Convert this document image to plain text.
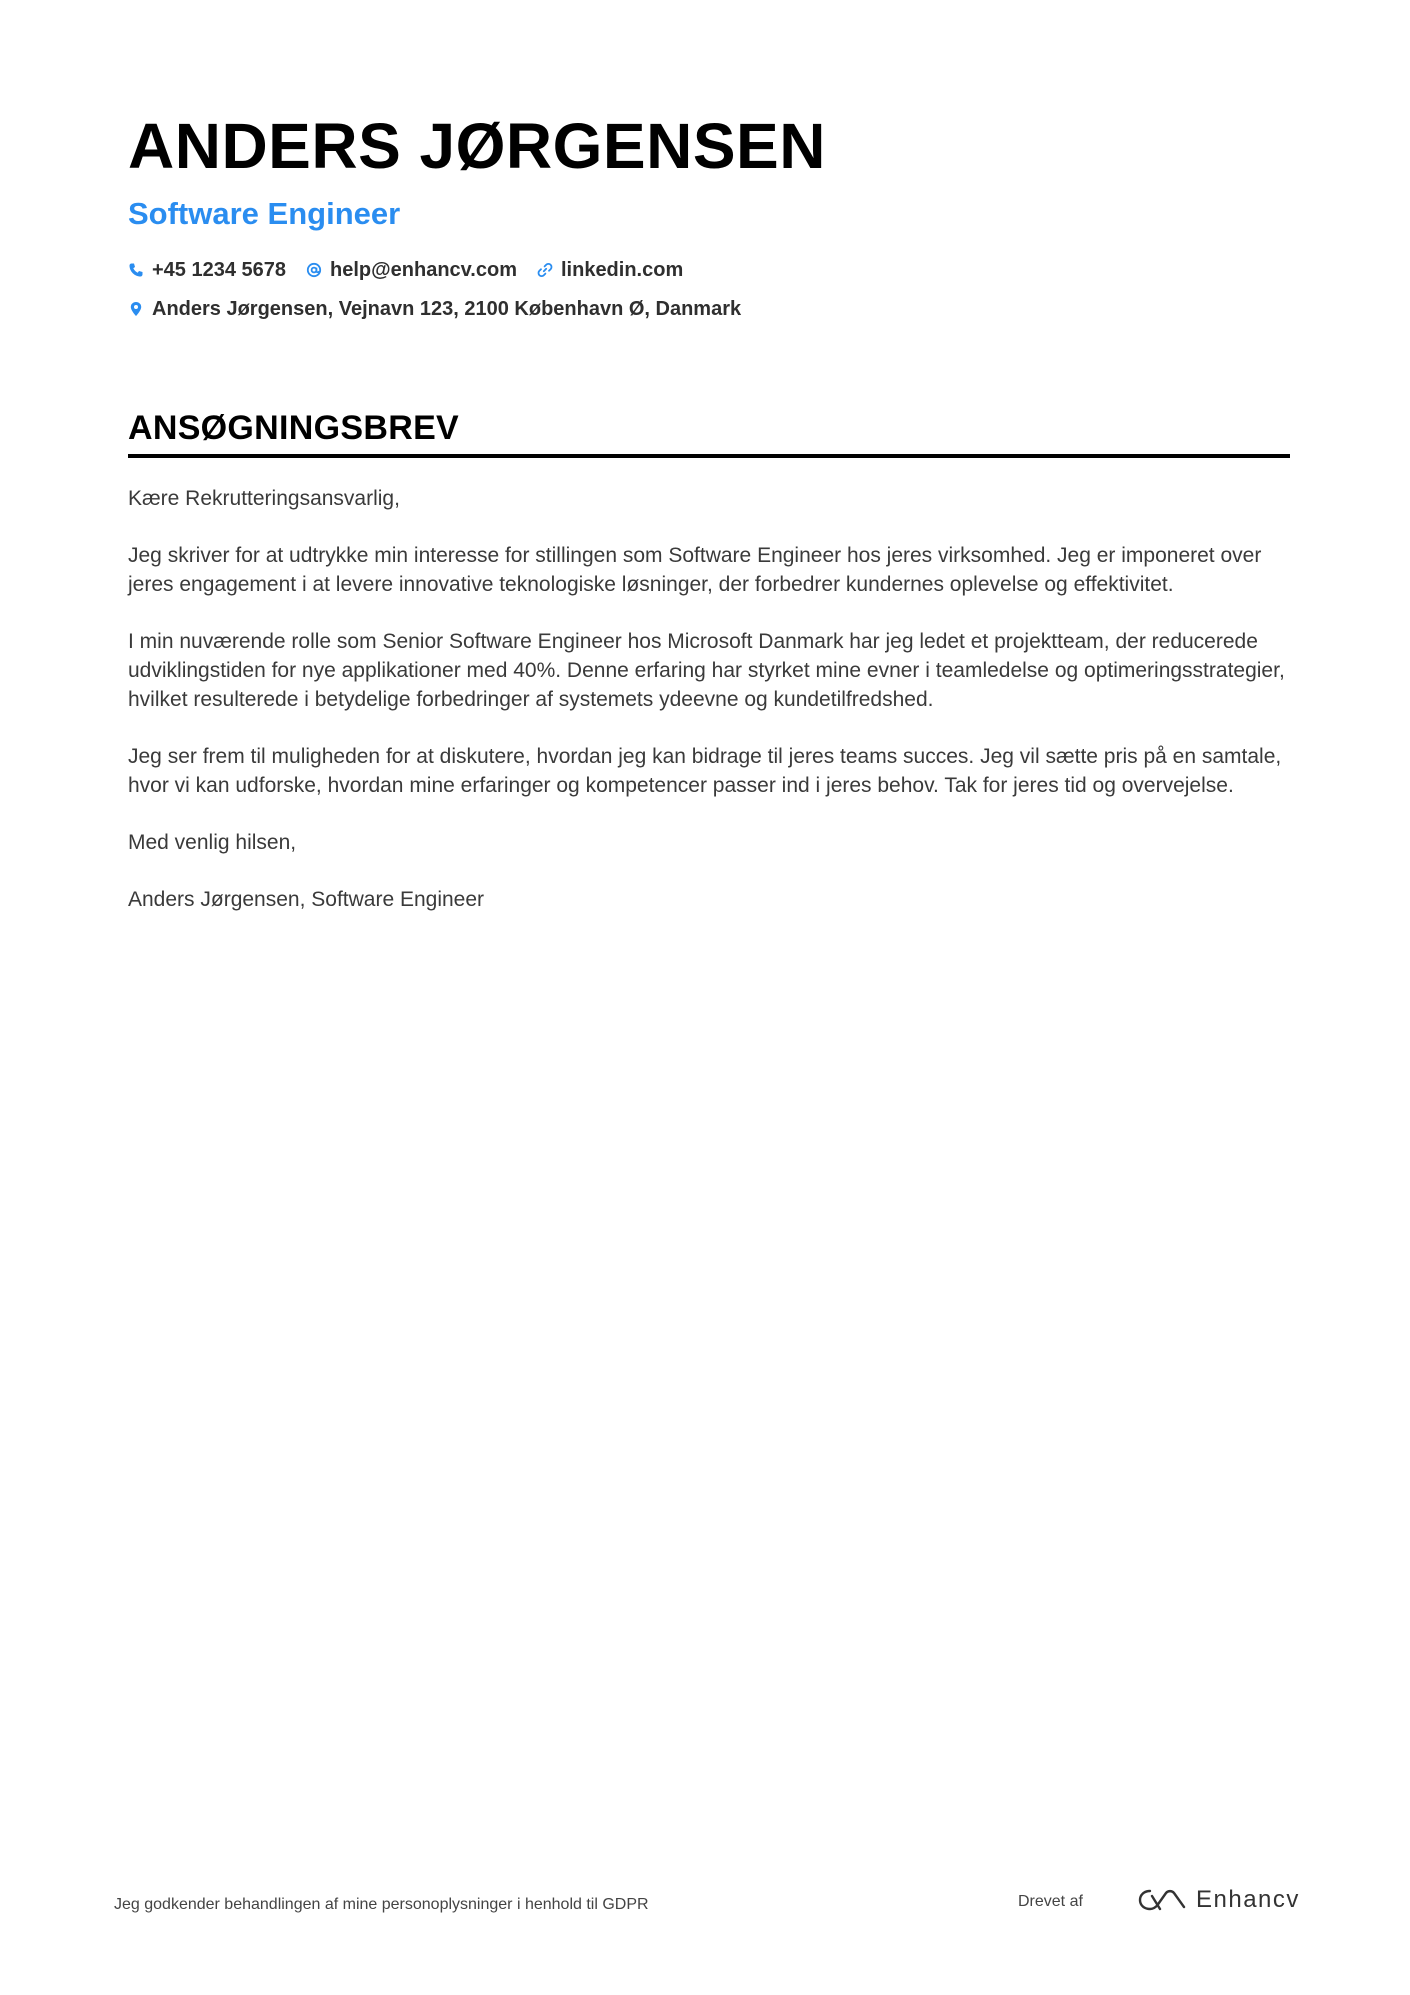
ANDERS JØRGENSEN
Software Engineer
+45 1234 5678 help@enhancv.com linkedin.com
Anders Jørgensen, Vejnavn 123, 2100 København Ø, Danmark
ANSØGNINGSBREV

Kære Rekrutteringsansvarlig,

Jeg skriver for at udtrykke min interesse for stillingen som Software Engineer hos jeres virksomhed. Jeg er imponeret over jeres engagement i at levere innovative teknologiske løsninger, der forbedrer kundernes oplevelse og effektivitet.

I min nuværende rolle som Senior Software Engineer hos Microsoft Danmark har jeg ledet et projektteam, der reducerede udviklingstiden for nye applikationer med 40%. Denne erfaring har styrket mine evner i teamledelse og optimeringsstrategier, hvilket resulterede i betydelige forbedringer af systemets ydeevne og kundetilfredshed.

Jeg ser frem til muligheden for at diskutere, hvordan jeg kan bidrage til jeres teams succes. Jeg vil sætte pris på en samtale, hvor vi kan udforske, hvordan mine erfaringer og kompetencer passer ind i jeres behov. Tak for jeres tid og overvejelse.

Med venlig hilsen,

Anders Jørgensen, Software Engineer

Jeg godkender behandlingen af mine personoplysninger i henhold til GDPR	Drevet af	Enhancv
